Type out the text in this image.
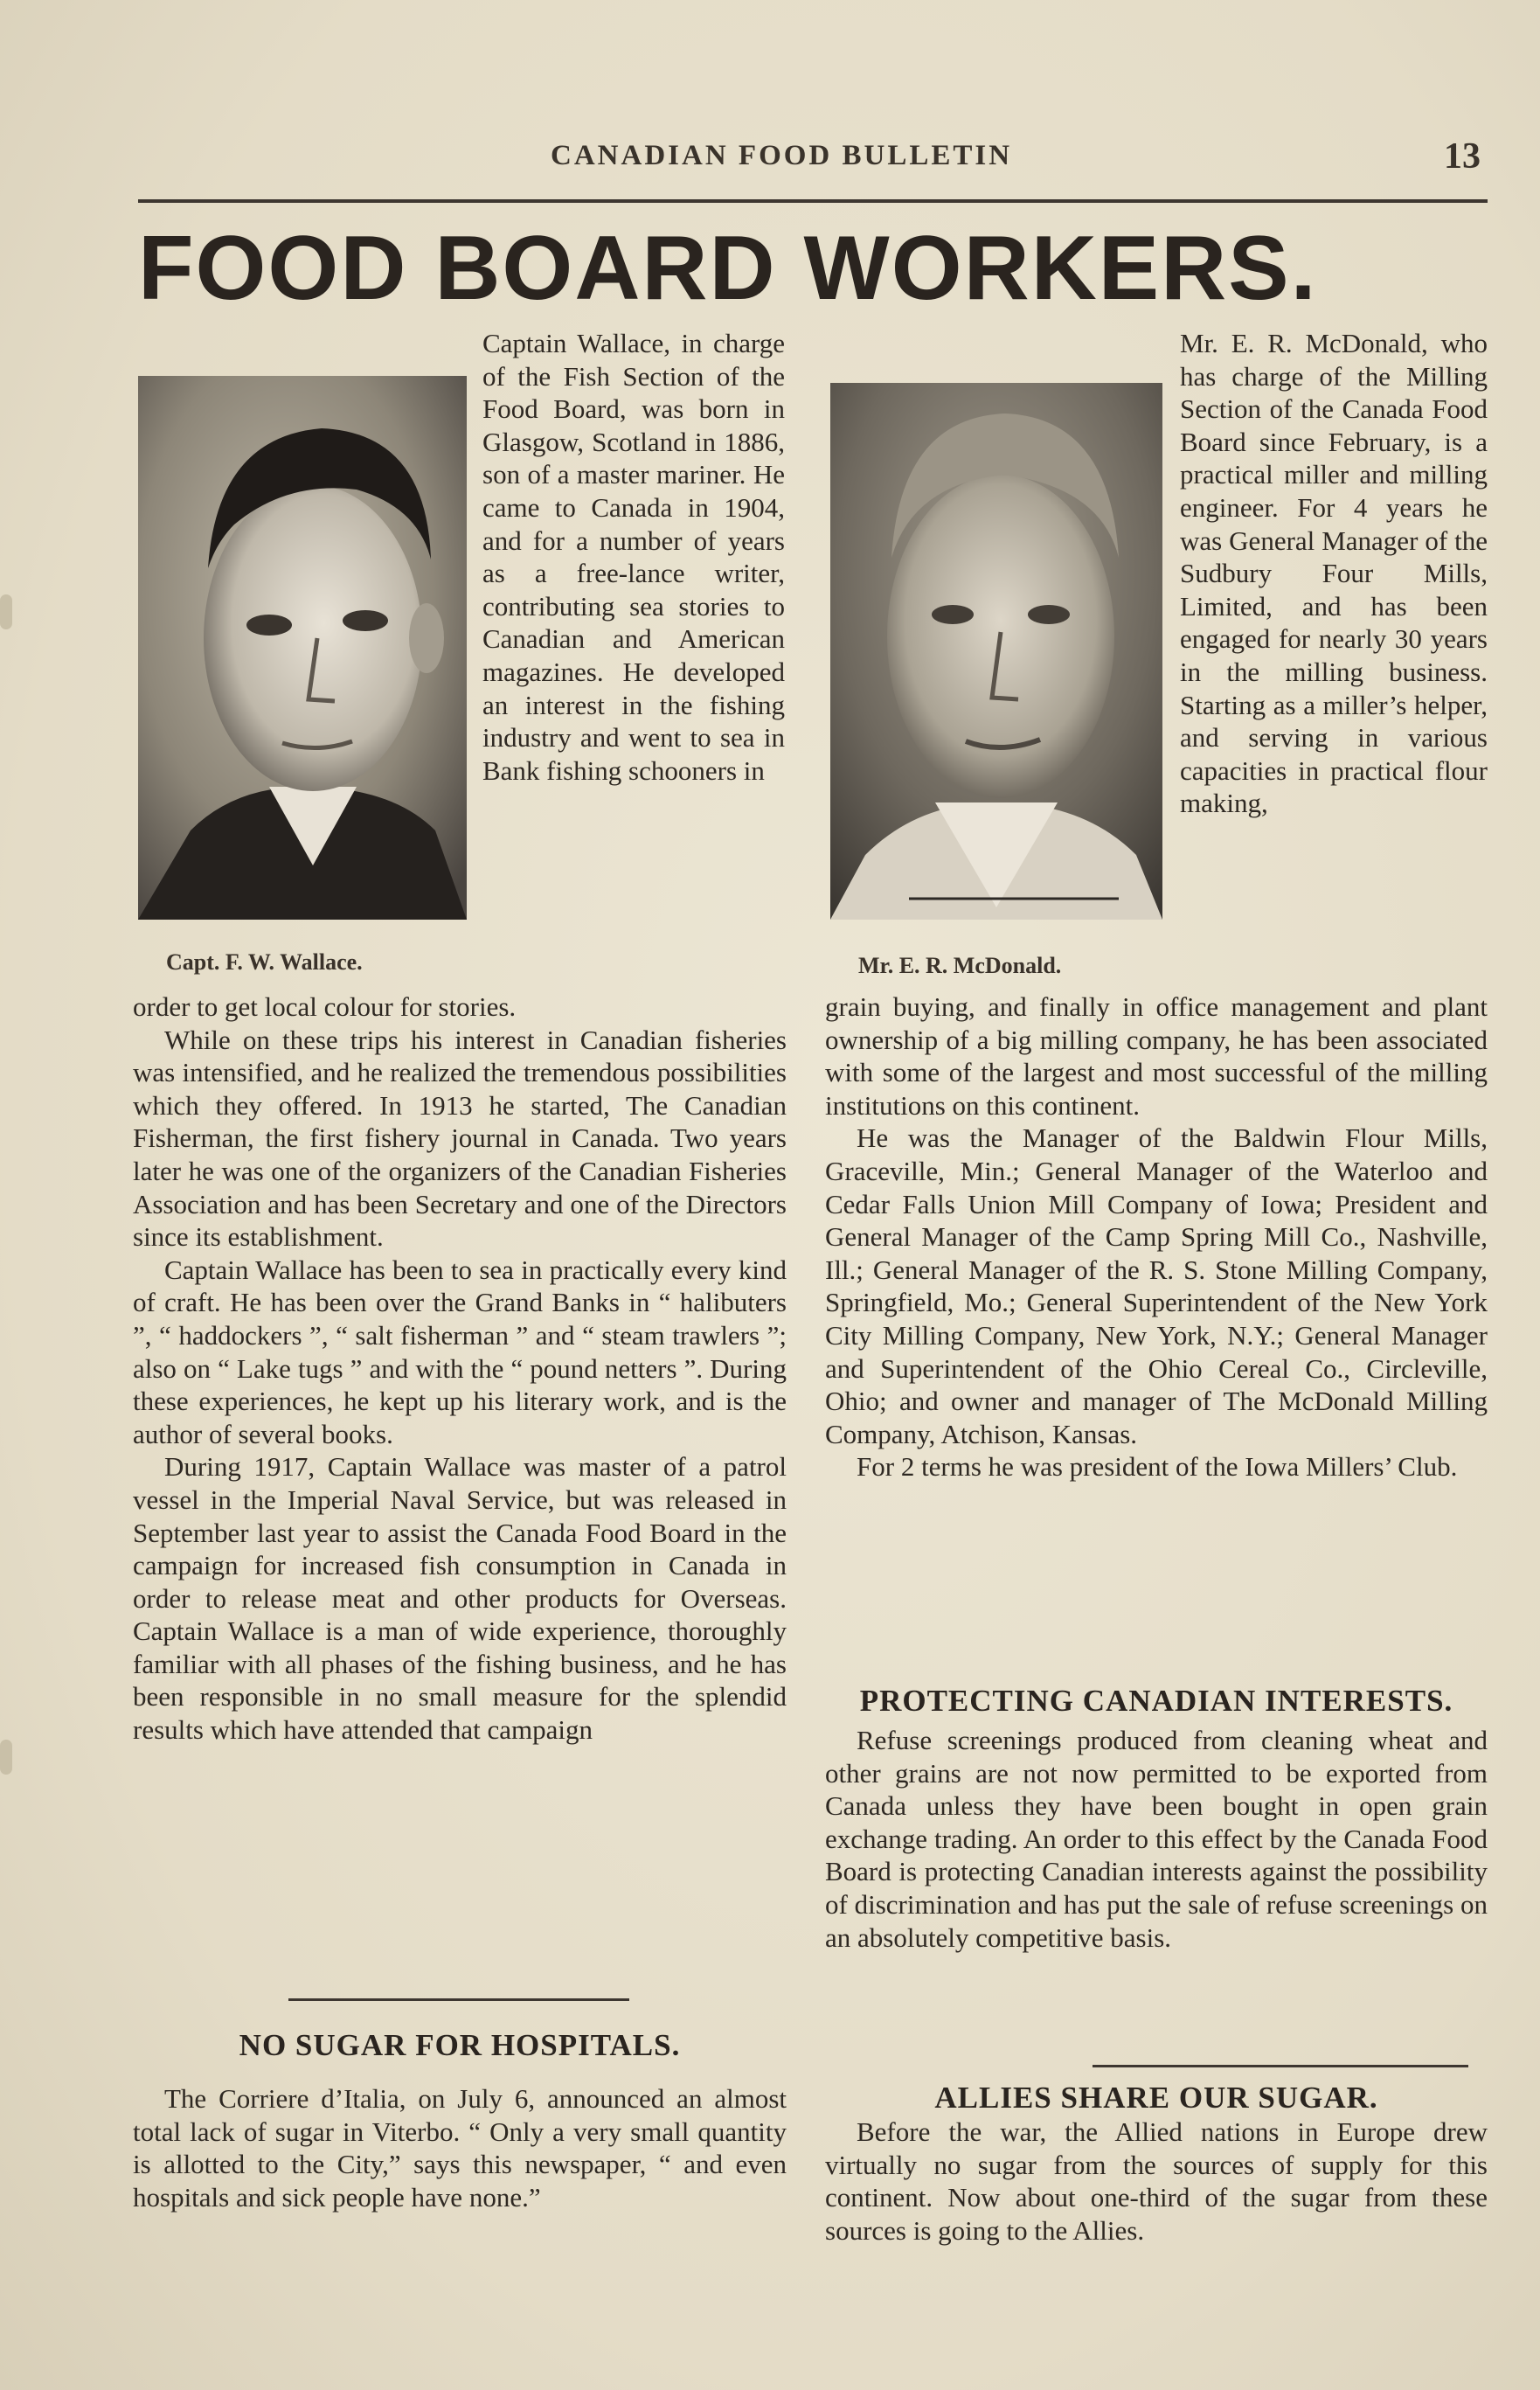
CANADIAN FOOD BULLETIN	13
FOOD BOARD WORKERS.
Capt. F. W. Wallace.
Captain Wallace, in charge of the Fish Section of the Food Board, was born in Glasgow, Scotland in 1886, son of a master mariner. He came to Canada in 1904, and for a number of years as a free-lance writer, contributing sea stories to Canadian and American magazines. He developed an interest in the fishing industry and went to sea in Bank fishing schooners in

order to get local colour for stories.

While on these trips his interest in Canadian fisheries was intensified, and he realized the tremendous possibilities which they offered. In 1913 he started, The Canadian Fisherman, the first fishery journal in Canada. Two years later he was one of the organizers of the Canadian Fisheries Association and has been Secretary and one of the Directors since its establishment.

Captain Wallace has been to sea in practically every kind of craft. He has been over the Grand Banks in “ halibuters ”, “ haddockers ”, “ salt fisherman ” and “ steam trawlers ”; also on “ Lake tugs ” and with the “ pound netters ”. During these experiences, he kept up his literary work, and is the author of several books.

During 1917, Captain Wallace was master of a patrol vessel in the Imperial Naval Service, but was released in September last year to assist the Canada Food Board in the campaign for increased fish consumption in Canada in order to release meat and other products for Overseas. Captain Wallace is a man of wide experience, thoroughly familiar with all phases of the fishing business, and he has been responsible in no small measure for the splendid results which have attended that campaign

NO SUGAR FOR HOSPITALS.

The Corriere d’Italia, on July 6, announced an almost total lack of sugar in Viterbo. “ Only a very small quantity is allotted to the City,” says this newspaper, “ and even hospitals and sick people have none.”

Mr. E. R. McDonald.
Mr. E. R. McDonald, who has charge of the Milling Section of the Canada Food Board since February, is a practical miller and milling engineer. For 4 years he was General Manager of the Sudbury Four Mills, Limited, and has been engaged for nearly 30 years in the milling business. Starting as a miller’s helper, and serving in various capacities in practical flour making,

grain buying, and finally in office management and plant ownership of a big milling company, he has been associated with some of the largest and most successful of the milling institutions on this continent.

He was the Manager of the Baldwin Flour Mills, Graceville, Min.; General Manager of the Waterloo and Cedar Falls Union Mill Company of Iowa; President and General Manager of the Camp Spring Mill Co., Nashville, Ill.; General Manager of the R. S. Stone Milling Company, Springfield, Mo.; General Superintendent of the New York City Milling Company, New York, N.Y.; General Manager and Superintendent of the Ohio Cereal Co., Circleville, Ohio; and owner and manager of The McDonald Milling Company, Atchison, Kansas.

For 2 terms he was president of the Iowa Millers’ Club.

PROTECTING CANADIAN INTERESTS.

Refuse screenings produced from cleaning wheat and other grains are not now permitted to be exported from Canada unless they have been bought in open grain exchange trading. An order to this effect by the Canada Food Board is protecting Canadian interests against the possibility of discrimination and has put the sale of refuse screenings on an absolutely competitive basis.

ALLIES SHARE OUR SUGAR.

Before the war, the Allied nations in Europe drew virtually no sugar from the sources of supply for this continent. Now about one-third of the sugar from these sources is going to the Allies.
